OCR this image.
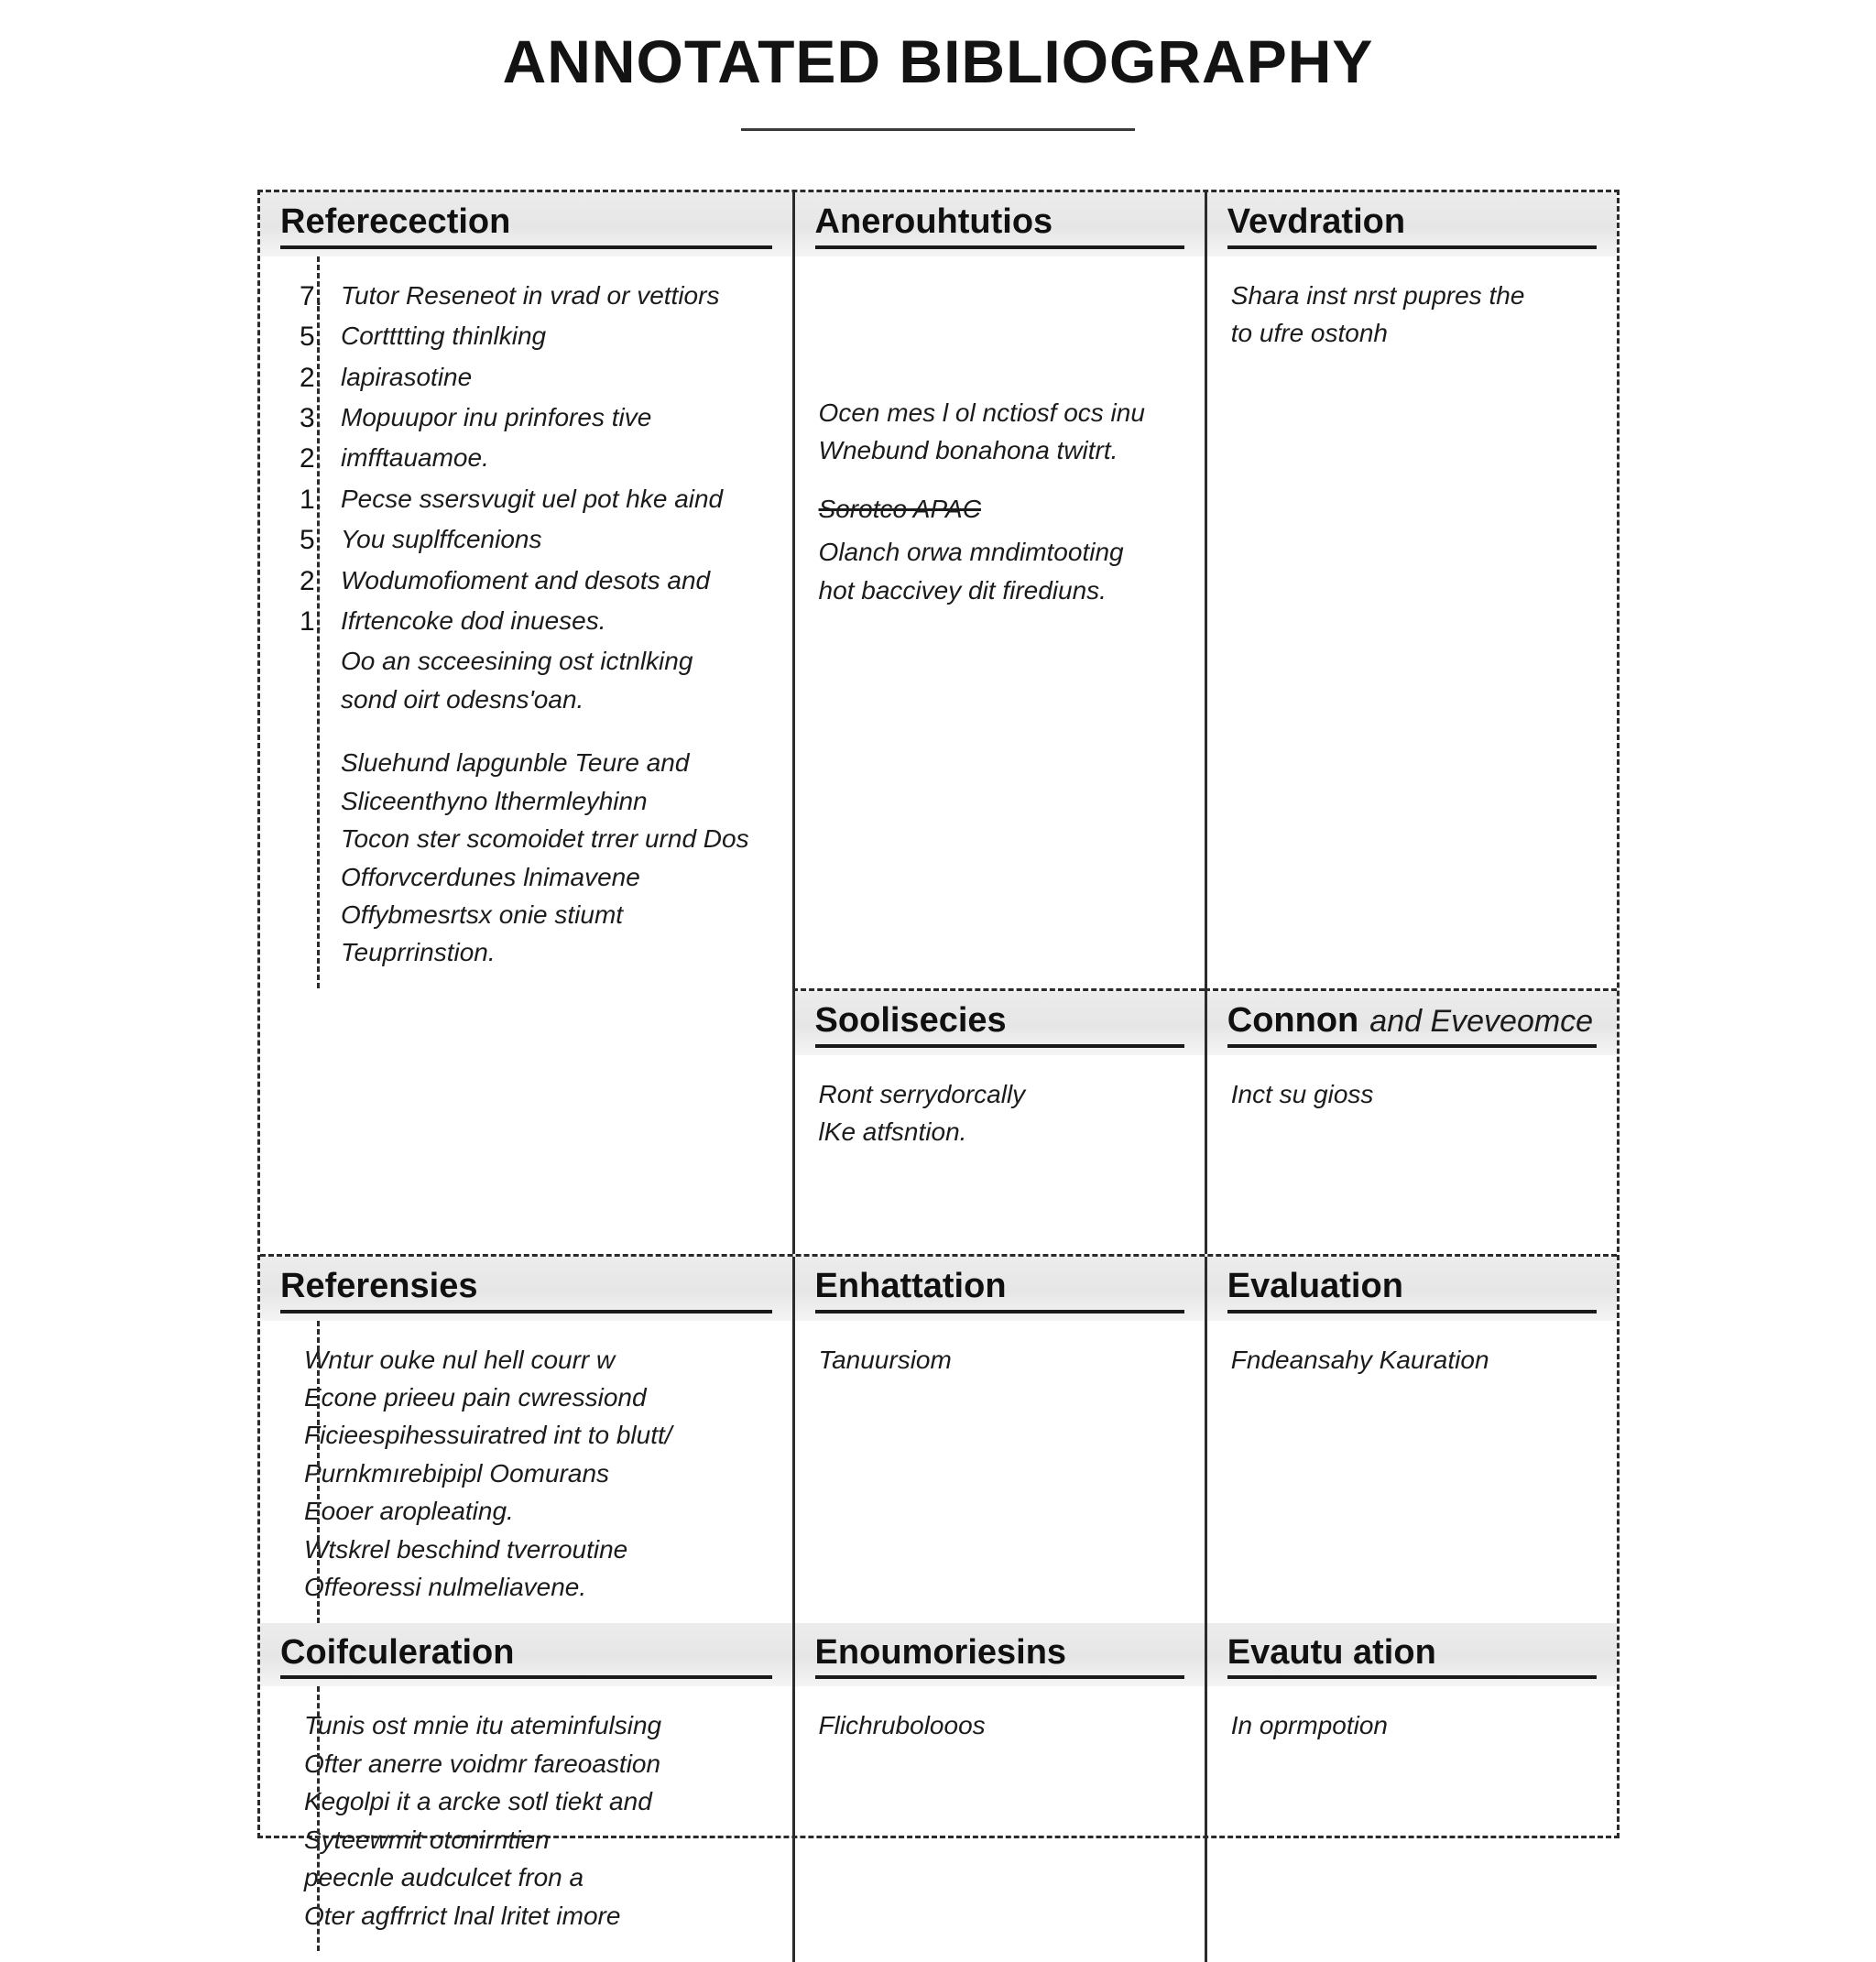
ANNOTATED BIBLIOGRAPHY
Referecection
7. Tutor Reseneot in vrad or vettiors
5. Cortttting thinlking
2. lapirasotine
3. Mopuupor inu prinfores tive
2. imfftauamoe.
1. Pecse ssersvugit uel pot hke aind
5. You suplffcenions
2. Wodumofioment and desots and
1. Ifrtencoke dod inueses.
Oo an scceesining ost ictnlking
sond oirt odesns'oan.
Sluehund lapgunble Teure and
Sliceenthyno lthermleyhinn
Tocon ster scomoidet trrer urnd Dos
Offorvcerdunes lnimavene
Offybmesrtsx onie stiumt
Teuprrinstion.
Anerouhtutios
Ocen mes l ol nctiosf ocs inu
Wnebund bonahona twitrt.
Sorotco APAC
Olanch orwa mndimtooting
hot baccivey dit firediuns.
Vevdration
Shara inst nrst pupres the
to ufre ostonh

Soolisecies
Ront serrydorcally
lKe atfsntion.
Connon and Eveveomce
Inct su gioss
Referensies
Wntur ouke nul hell courr w
Econe prieeu pain cwressiond
Ficieespihessuiratred int to blutt/
Purnkmırebipipl Oomurans
Eooer aropleating.
Wtskrel beschind tverroutine
Offeoressi nulmeliavene.
Enhattation
Tanuursiom
Evaluation
Fndeansahy Kauration
Coifculeration
Tunis ost mnie itu ateminfulsing
Ofter anerre voidmr fareoastion
Kegolpi it a arcke sotl tiekt and
Syteewmit otonirntien
peecnle audculcet fron a
Oter agffrrict lnal lritet imore
Enoumoriesins
Flichrubolooos
Evautu ation
In oprmpotion
